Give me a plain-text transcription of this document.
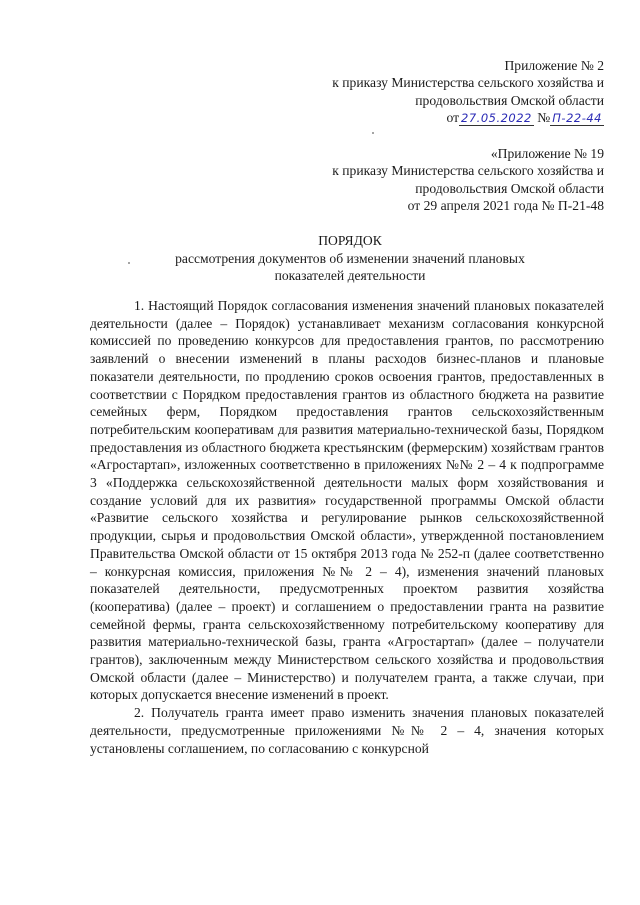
Приложение № 2
к приказу Министерства сельского хозяйства и
продовольствия Омской области
от 27.05.2022 № П-22-44
«Приложение № 19
к приказу Министерства сельского хозяйства и
продовольствия Омской области
от 29 апреля 2021 года № П-21-48
ПОРЯДОК
рассмотрения документов об изменении значений плановых
показателей деятельности

1. Настоящий Порядок согласования изменения значений плановых показателей деятельности (далее – Порядок) устанавливает механизм согласования конкурсной комиссией по проведению конкурсов для предоставления грантов, по рассмотрению заявлений о внесении изменений в планы расходов бизнес-планов и плановые показатели деятельности, по продлению сроков освоения грантов, предоставленных в соответствии с Порядком предоставления грантов из областного бюджета на развитие семейных ферм, Порядком предоставления грантов сельскохозяйственным потребительским кооперативам для развития материально-технической базы, Порядком предоставления из областного бюджета крестьянским (фермерским) хозяйствам грантов «Агростартап», изложенных соответственно в приложениях №№ 2 – 4 к подпрограмме 3 «Поддержка сельскохозяйственной деятельности малых форм хозяйствования и создание условий для их развития» государственной программы Омской области «Развитие сельского хозяйства и регулирование рынков сельскохозяйственной продукции, сырья и продовольствия Омской области», утвержденной постановлением Правительства Омской области от 15 октября 2013 года № 252-п (далее соответственно – конкурсная комиссия, приложения №№ 2 – 4), изменения значений плановых показателей деятельности, предусмотренных проектом развития хозяйства (кооператива) (далее – проект) и соглашением о предоставлении гранта на развитие семейной фермы, гранта сельскохозяйственному потребительскому кооперативу для развития материально-технической базы, гранта «Агростартап» (далее – получатели грантов), заключенным между Министерством сельского хозяйства и продовольствия Омской области (далее – Министерство) и получателем гранта, а также случаи, при которых допускается внесение изменений в проект.

2. Получатель гранта имеет право изменить значения плановых показателей деятельности, предусмотренные приложениями №№ 2 – 4, значения которых установлены соглашением, по согласованию с конкурсной
